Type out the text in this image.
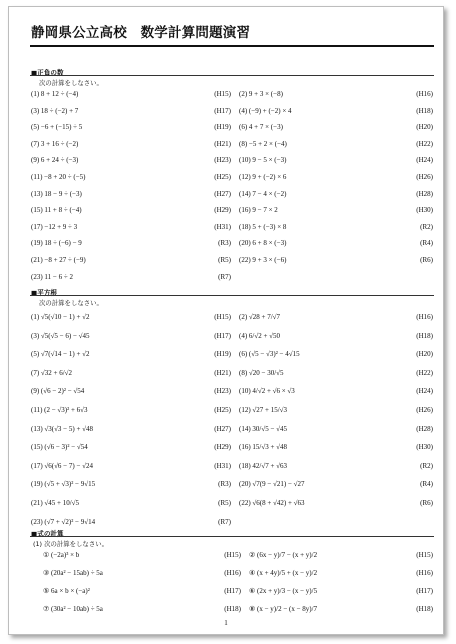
静岡県公立高校　数学計算問題演習
■正負の数
次の計算をしなさい。
(1) 8 + 12 ÷ (−4)	(H15) (2) 9 + 3 × (−8)	(H16)
(3) 18 ÷ (−2) + 7	(H17) (4) (−9) + (−2) × 4	(H18)
(5) −6 + (−15) ÷ 5	(H19) (6) 4 + 7 × (−3)	(H20)
(7) 3 + 16 ÷ (−2)	(H21) (8) −5 + 2 × (−4)	(H22)
(9) 6 + 24 ÷ (−3)	(H23) (10) 9 − 5 × (−3)	(H24)
(11) −8 + 20 ÷ (−5)	(H25) (12) 9 + (−2) × 6	(H26)
(13) 18 − 9 ÷ (−3)	(H27) (14) 7 − 4 × (−2)	(H28)
(15) 11 + 8 ÷ (−4)	(H29) (16) 9 − 7 × 2	(H30)
(17) −12 + 9 ÷ 3	(H31) (18) 5 + (−3) × 8	(R2)
(19) 18 ÷ (−6) − 9	(R3) (20) 6 + 8 × (−3)	(R4)
(21) −8 + 27 ÷ (−9)	(R5) (22) 9 + 3 × (−6)	(R6)
(23) 11 − 6 ÷ 2	(R7)
■平方根
次の計算をしなさい。
(1) √5(√10 − 1) + √2	(H15) (2) √28 + 7/√7	(H16)
(3) √5(√5 − 6) − √45	(H17) (4) 6/√2 + √50	(H18)
(5) √7(√14 − 1) + √2	(H19) (6) (√5 − √3)² − 4√15	(H20)
(7) √32 + 6/√2	(H21) (8) √20 − 30/√5	(H22)
(9) (√6 − 2)² − √54	(H23) (10) 4/√2 + √6 × √3	(H24)
(11) (2 − √3)² + 6√3	(H25) (12) √27 + 15/√3	(H26)
(13) √3(√3 − 5) + √48	(H27) (14) 30/√5 − √45	(H28)
(15) (√6 − 3)² − √54	(H29) (16) 15/√3 + √48	(H30)
(17) √6(√6 − 7) − √24	(H31) (18) 42/√7 + √63	(R2)
(19) (√5 + √3)² − 9√15	(R3) (20) √7(9 − √21) − √27	(R4)
(21) √45 + 10/√5	(R5) (22) √6(8 + √42) + √63	(R6)
(23) (√7 + √2)² − 9√14	(R7)
■式の計算
(1) 次の計算をしなさい。
① (−2a)³ × b	(H15) ② (6x − y)/7 − (x + y)/2	(H15)
③ (20a² − 15ab) ÷ 5a	(H16) ④ (x + 4y)/5 + (x − y)/2	(H16)
⑤ 6a × b × (−a)²	(H17) ⑥ (2x + y)/3 − (x − y)/5	(H17)
⑦ (30a² − 10ab) ÷ 5a	(H18) ⑧ (x − y)/2 − (x − 8y)/7	(H18)
1
